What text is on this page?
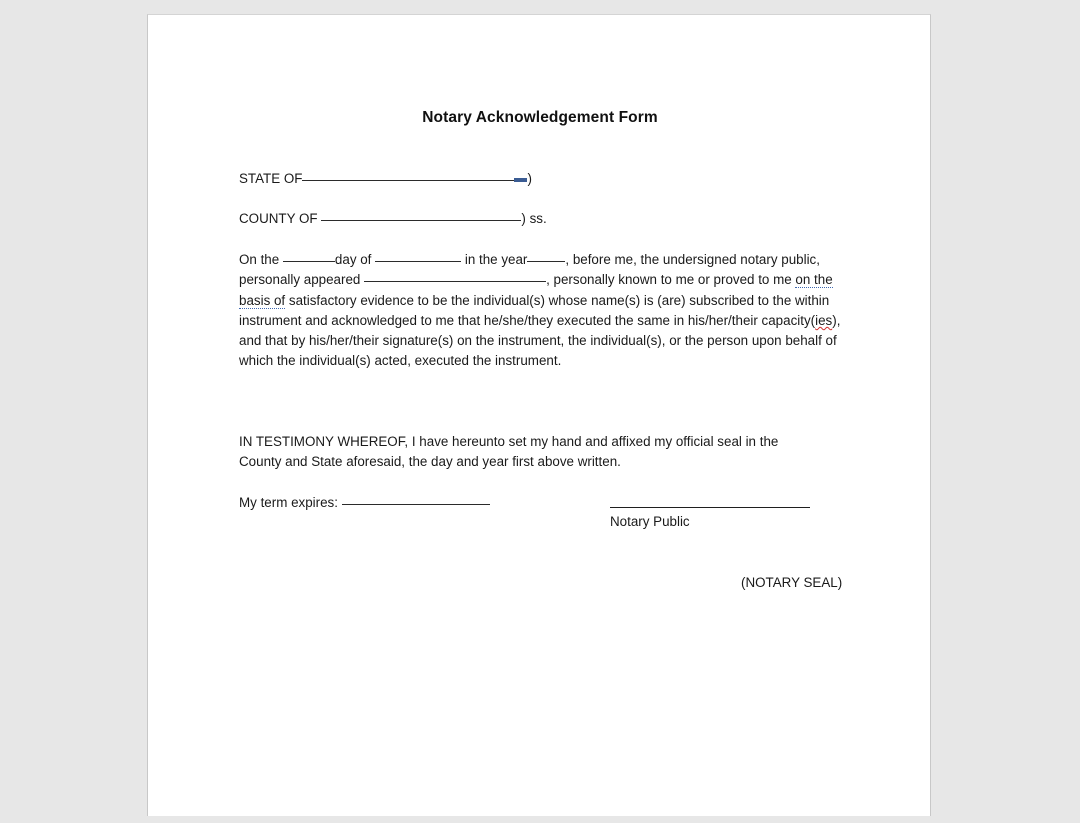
Notary Acknowledgement Form
STATE OF	)
COUNTY OF	) ss.
On the	day of	in the year	, before me, the undersigned notary public, personally appeared	, personally known to me or proved to me on the basis of satisfactory evidence to be the individual(s) whose name(s) is (are) subscribed to the within instrument and acknowledged to me that he/she/they executed the same in his/her/their capacity(ies), and that by his/her/their signature(s) on the instrument, the individual(s), or the person upon behalf of which the individual(s) acted, executed the instrument.
IN TESTIMONY WHEREOF, I have hereunto set my hand and affixed my official seal in the County and State aforesaid, the day and year first above written.
My term expires:
Notary Public
(NOTARY SEAL)
